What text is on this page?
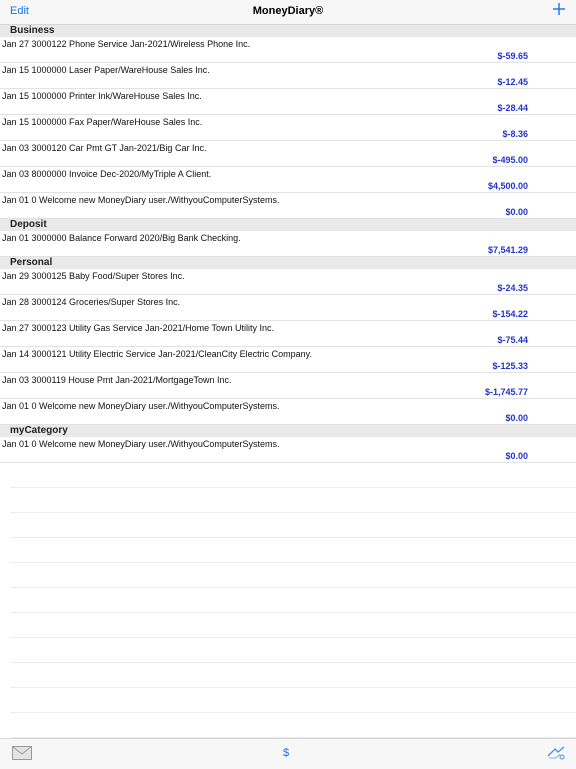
Edit	MoneyDiary®
Business
Jan 27 3000122 Phone Service Jan-2021/Wireless Phone Inc.
$-59.65
Jan 15 1000000 Laser Paper/WareHouse Sales Inc.
$-12.45
Jan 15 1000000 Printer Ink/WareHouse Sales Inc.
$-28.44
Jan 15 1000000 Fax Paper/WareHouse Sales Inc.
$-8.36
Jan 03 3000120 Car Pmt GT Jan-2021/Big Car Inc.
$-495.00
Jan 03 8000000 Invoice Dec-2020/MyTriple A Client.
$4,500.00
Jan 01 0 Welcome new MoneyDiary user./WithyouComputerSystems.
$0.00
Deposit
Jan 01 3000000 Balance Forward 2020/Big Bank Checking.
$7,541.29
Personal
Jan 29 3000125 Baby Food/Super Stores Inc.
$-24.35
Jan 28 3000124 Groceries/Super Stores Inc.
$-154.22
Jan 27 3000123 Utility Gas Service Jan-2021/Home Town Utility Inc.
$-75.44
Jan 14 3000121 Utility Electric Service Jan-2021/CleanCity Electric Company.
$-125.33
Jan 03 3000119 House Pmt Jan-2021/MortgageTown Inc.
$-1,745.77
Jan 01 0 Welcome new MoneyDiary user./WithyouComputerSystems.
$0.00
myCategory
Jan 01 0 Welcome new MoneyDiary user./WithyouComputerSystems.
$0.00
$
